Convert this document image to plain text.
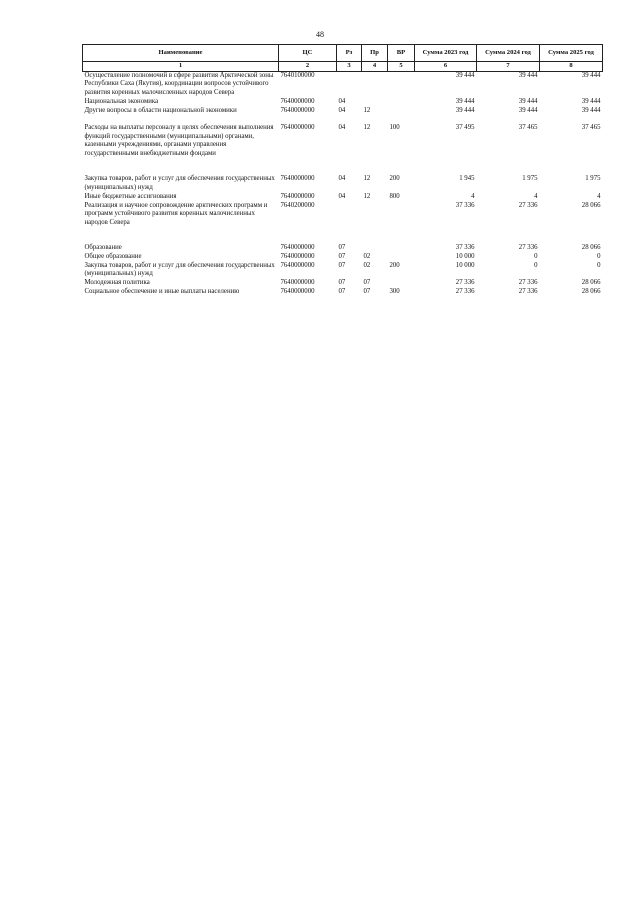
48
Наименование	ЦС	Рз	Пр	ВР	Сумма 2023 год	Сумма 2024 год	Сумма 2025 год
1	2	3	4	5	6	7	8
Осуществление полномочий в сфере развития Арктической зоны Республики Саха (Якутия), координации вопросов устойчивого развития коренных малочисленных народов Севера	7640100000				39 444	39 444	39 444
Национальная экономика	7640000000	04			39 444	39 444	39 444
Другие вопросы в области национальной экономики	7640000000	04	12		39 444	39 444	39 444
Расходы на выплаты персоналу в целях обеспечения выполнения функций государственными (муниципальными) органами, казенными учреждениями, органами управления государственными внебюджетными фондами	7640000000	04	12	100	37 495	37 465	37 465
Закупка товаров, работ и услуг для обеспечения государственных (муниципальных) нужд	7640000000	04	12	200	1 945	1 975	1 975
Иные бюджетные ассигнования	7640000000	04	12	800	4	4	4
Реализация и научное сопровождение арктических программ и программ устойчивого развития коренных малочисленных народов Севера	7640200000				37 336	27 336	28 066
Образование	7640000000	07			37 336	27 336	28 066
Общее образование	7640000000	07	02		10 000	0	0
Закупка товаров, работ и услуг для обеспечения государственных (муниципальных) нужд	7640000000	07	02	200	10 000	0	0
Молодежная политика	7640000000	07	07		27 336	27 336	28 066
Социальное обеспечение и иные выплаты населению	7640000000	07	07	300	27 336	27 336	28 066
